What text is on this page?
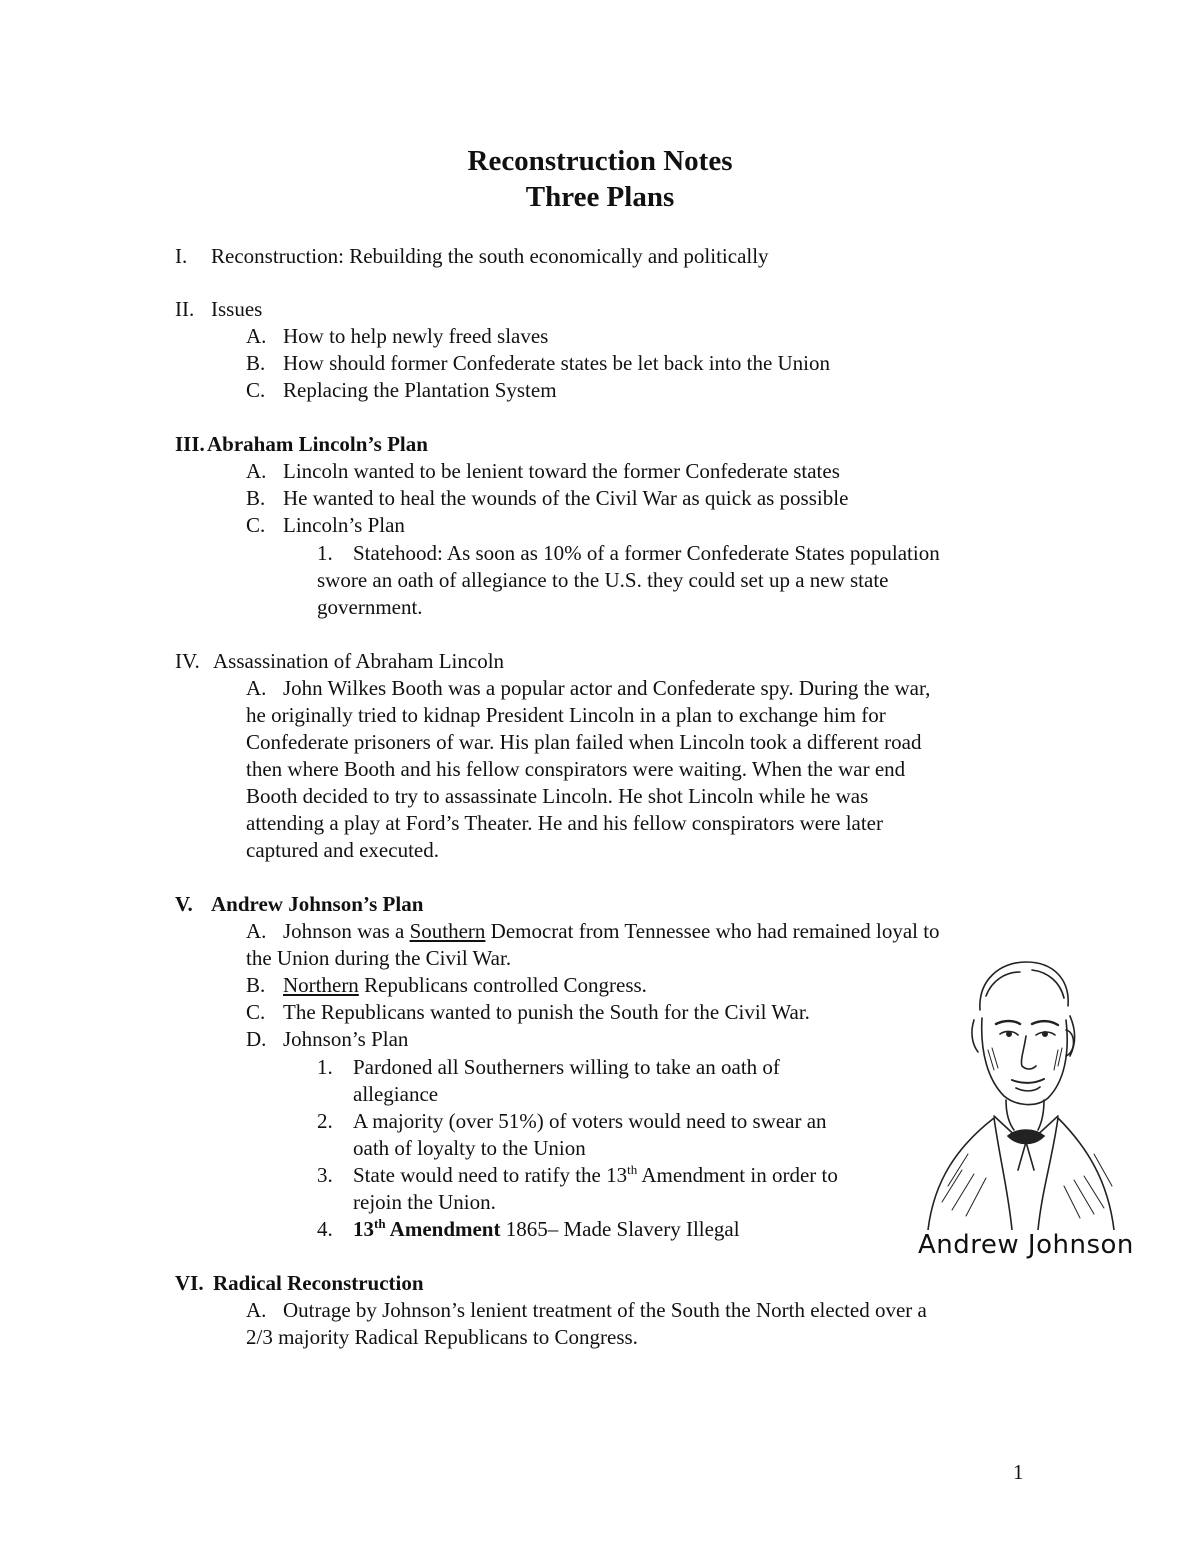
Reconstruction Notes
Three Plans
I. Reconstruction: Rebuilding the south economically and politically
II. Issues
A. How to help newly freed slaves
B. How should former Confederate states be let back into the Union
C. Replacing the Plantation System
III. Abraham Lincoln’s Plan
A. Lincoln wanted to be lenient toward the former Confederate states
B. He wanted to heal the wounds of the Civil War as quick as possible
C. Lincoln’s Plan
1. Statehood: As soon as 10% of a former Confederate States population
swore an oath of allegiance to the U.S. they could set up a new state
government.
IV. Assassination of Abraham Lincoln
A. John Wilkes Booth was a popular actor and Confederate spy. During the war,
he originally tried to kidnap President Lincoln in a plan to exchange him for
Confederate prisoners of war. His plan failed when Lincoln took a different road
then where Booth and his fellow conspirators were waiting. When the war end
Booth decided to try to assassinate Lincoln. He shot Lincoln while he was
attending a play at Ford’s Theater. He and his fellow conspirators were later
captured and executed.
V. Andrew Johnson’s Plan
A. Johnson was a Southern Democrat from Tennessee who had remained loyal to
the Union during the Civil War.
B. Northern Republicans controlled Congress.
C. The Republicans wanted to punish the South for the Civil War.
D. Johnson’s Plan
1. Pardoned all Southerners willing to take an oath of
allegiance
2. A majority (over 51%) of voters would need to swear an
oath of loyalty to the Union
3. State would need to ratify the 13th Amendment in order to
rejoin the Union.
4. 13th Amendment 1865– Made Slavery Illegal
VI. Radical Reconstruction
A. Outrage by Johnson’s lenient treatment of the South the North elected over a
2/3 majority Radical Republicans to Congress.
Andrew Johnson
1
